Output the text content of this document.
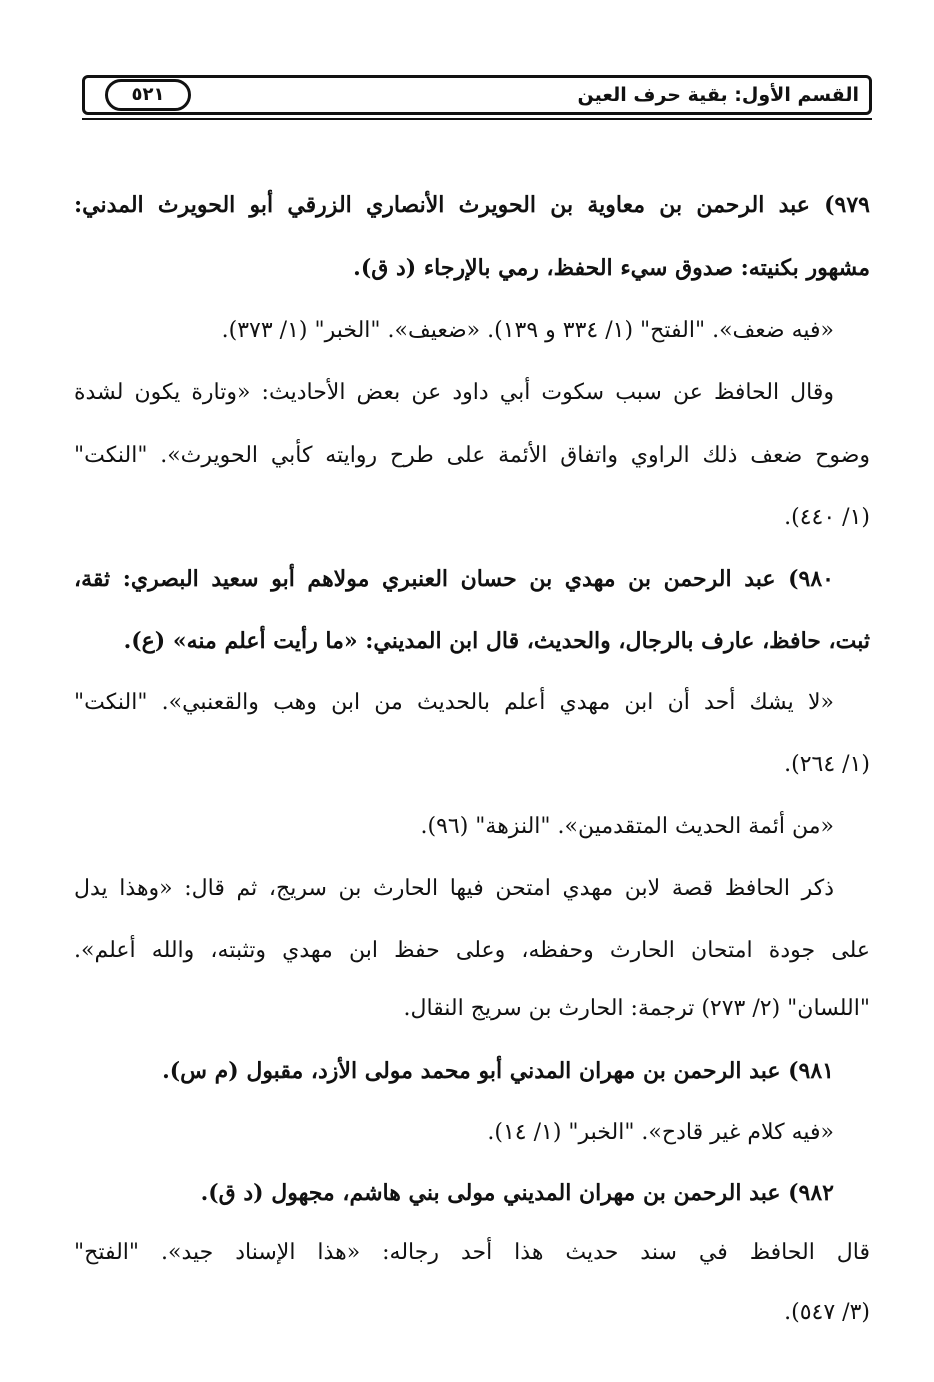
القسم الأول: بقية حرف العين
٥٢١
٩٧٩) عبد الرحمن بن معاوية بن الحويرث الأنصاري الزرقي أبو الحويرث المدني:
مشهور بكنيته: صدوق سيء الحفظ، رمي بالإرجاء (د ق).
«فيه ضعف». "الفتح" (١/ ٣٣٤ و ١٣٩). «ضعيف». "الخبر" (١/ ٣٧٣).
وقال الحافظ عن سبب سكوت أبي داود عن بعض الأحاديث: «وتارة يكون لشدة
وضوح ضعف ذلك الراوي واتفاق الأئمة على طرح روايته كأبي الحويرث». "النكت"
(١/ ٤٤٠).
٩٨٠) عبد الرحمن بن مهدي بن حسان العنبري مولاهم أبو سعيد البصري: ثقة،
ثبت، حافظ، عارف بالرجال، والحديث، قال ابن المديني: «ما رأيت أعلم منه» (ع).
«لا يشك أحد أن ابن مهدي أعلم بالحديث من ابن وهب والقعنبي». "النكت"
(١/ ٢٦٤).
«من أئمة الحديث المتقدمين». "النزهة" (٩٦).
ذكر الحافظ قصة لابن مهدي امتحن فيها الحارث بن سريج، ثم قال: «وهذا يدل
على جودة امتحان الحارث وحفظه، وعلى حفظ ابن مهدي وتثبته، والله أعلم».
"اللسان" (٢/ ٢٧٣) ترجمة: الحارث بن سريج النقال.
٩٨١) عبد الرحمن بن مهران المدني أبو محمد مولى الأزد، مقبول (م س).
«فيه كلام غير قادح». "الخبر" (١/ ١٤).
٩٨٢) عبد الرحمن بن مهران المديني مولى بني هاشم، مجهول (د ق).
قال الحافظ في سند حديث هذا أحد رجاله: «هذا الإسناد جيد». "الفتح"
(٣/ ٥٤٧).
